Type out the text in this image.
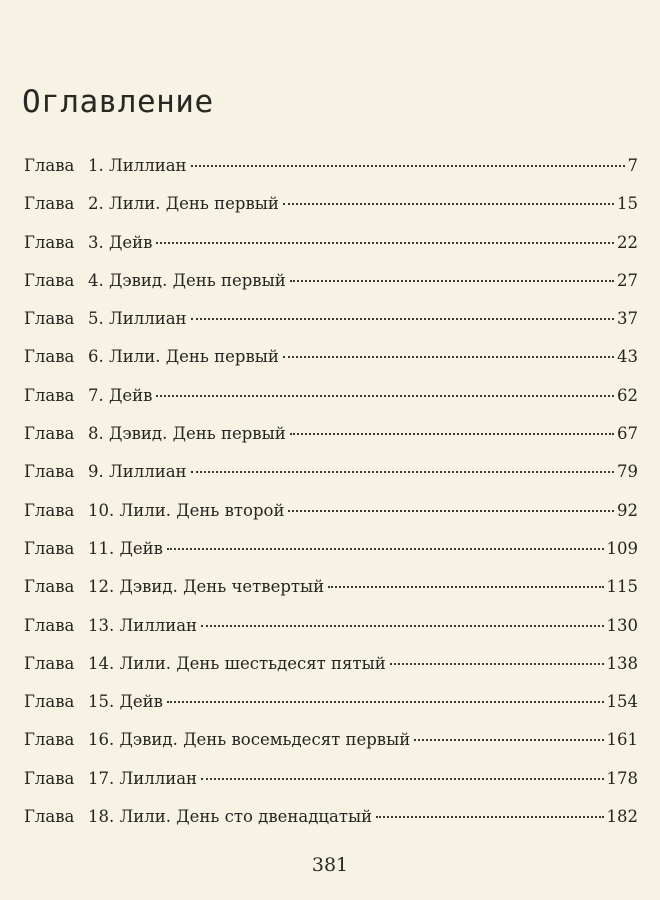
Оглавление
Глава 1. Лиллиан	7
Глава 2. Лили. День первый	15
Глава 3. Дейв	22
Глава 4. Дэвид. День первый	27
Глава 5. Лиллиан	37
Глава 6. Лили. День первый	43
Глава 7. Дейв	62
Глава 8. Дэвид. День первый	67
Глава 9. Лиллиан	79
Глава 10. Лили. День второй	92
Глава 11. Дейв	109
Глава 12. Дэвид. День четвертый	115
Глава 13. Лиллиан	130
Глава 14. Лили. День шестьдесят пятый	138
Глава 15. Дейв	154
Глава 16. Дэвид. День восемьдесят первый	161
Глава 17. Лиллиан	178
Глава 18. Лили. День сто двенадцатый	182
381
